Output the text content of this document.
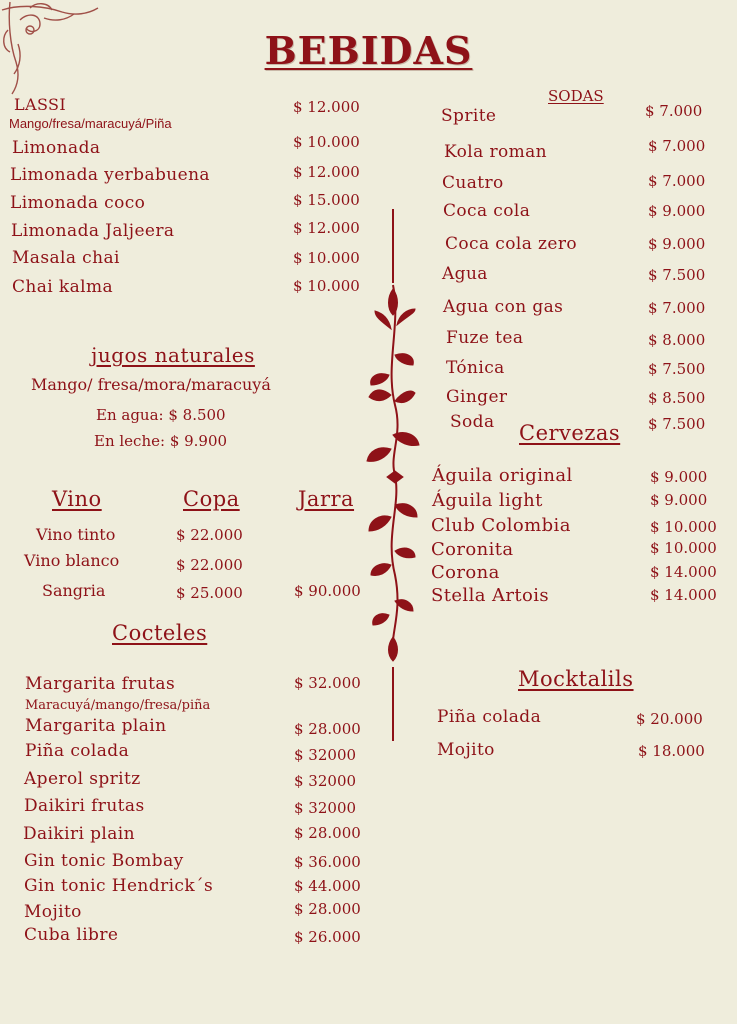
BEBIDAS
LASSI
Mango/fresa/maracuyá/Piña
$ 12.000
Limonada	$ 10.000
Limonada yerbabuena	$ 12.000
Limonada coco	$ 15.000
Limonada Jaljeera	$ 12.000
Masala chai	$ 10.000
Chai kalma	$ 10.000
jugos naturales
Mango/ fresa/mora/maracuyá
En agua: $ 8.500
En leche: $ 9.900
Vino	Copa	Jarra
Vino tinto	$ 22.000
Vino blanco	$ 22.000
Sangria	$ 25.000	$ 90.000
Cocteles
Margarita frutas
Maracuyá/mango/fresa/piña
$ 32.000
Margarita plain	$ 28.000
Piña colada	$ 32000
Aperol spritz	$ 32000
Daikiri frutas	$ 32000
Daikiri plain	$ 28.000
Gin tonic Bombay	$ 36.000
Gin tonic Hendrick´s	$ 44.000
Mojito	$ 28.000
Cuba libre	$ 26.000
SODAS
Sprite	$ 7.000
Kola roman	$ 7.000
Cuatro	$ 7.000
Coca cola	$ 9.000
Coca cola zero	$ 9.000
Agua	$ 7.500
Agua con gas	$ 7.000
Fuze tea	$ 8.000
Tónica	$ 7.500
Ginger	$ 8.500
Soda	$ 7.500
Cervezas
Águila original	$ 9.000
Águila light	$ 9.000
Club Colombia	$ 10.000
Coronita	$ 10.000
Corona	$ 14.000
Stella Artois	$ 14.000
Mocktalils
Piña colada	$ 20.000
Mojito	$ 18.000
